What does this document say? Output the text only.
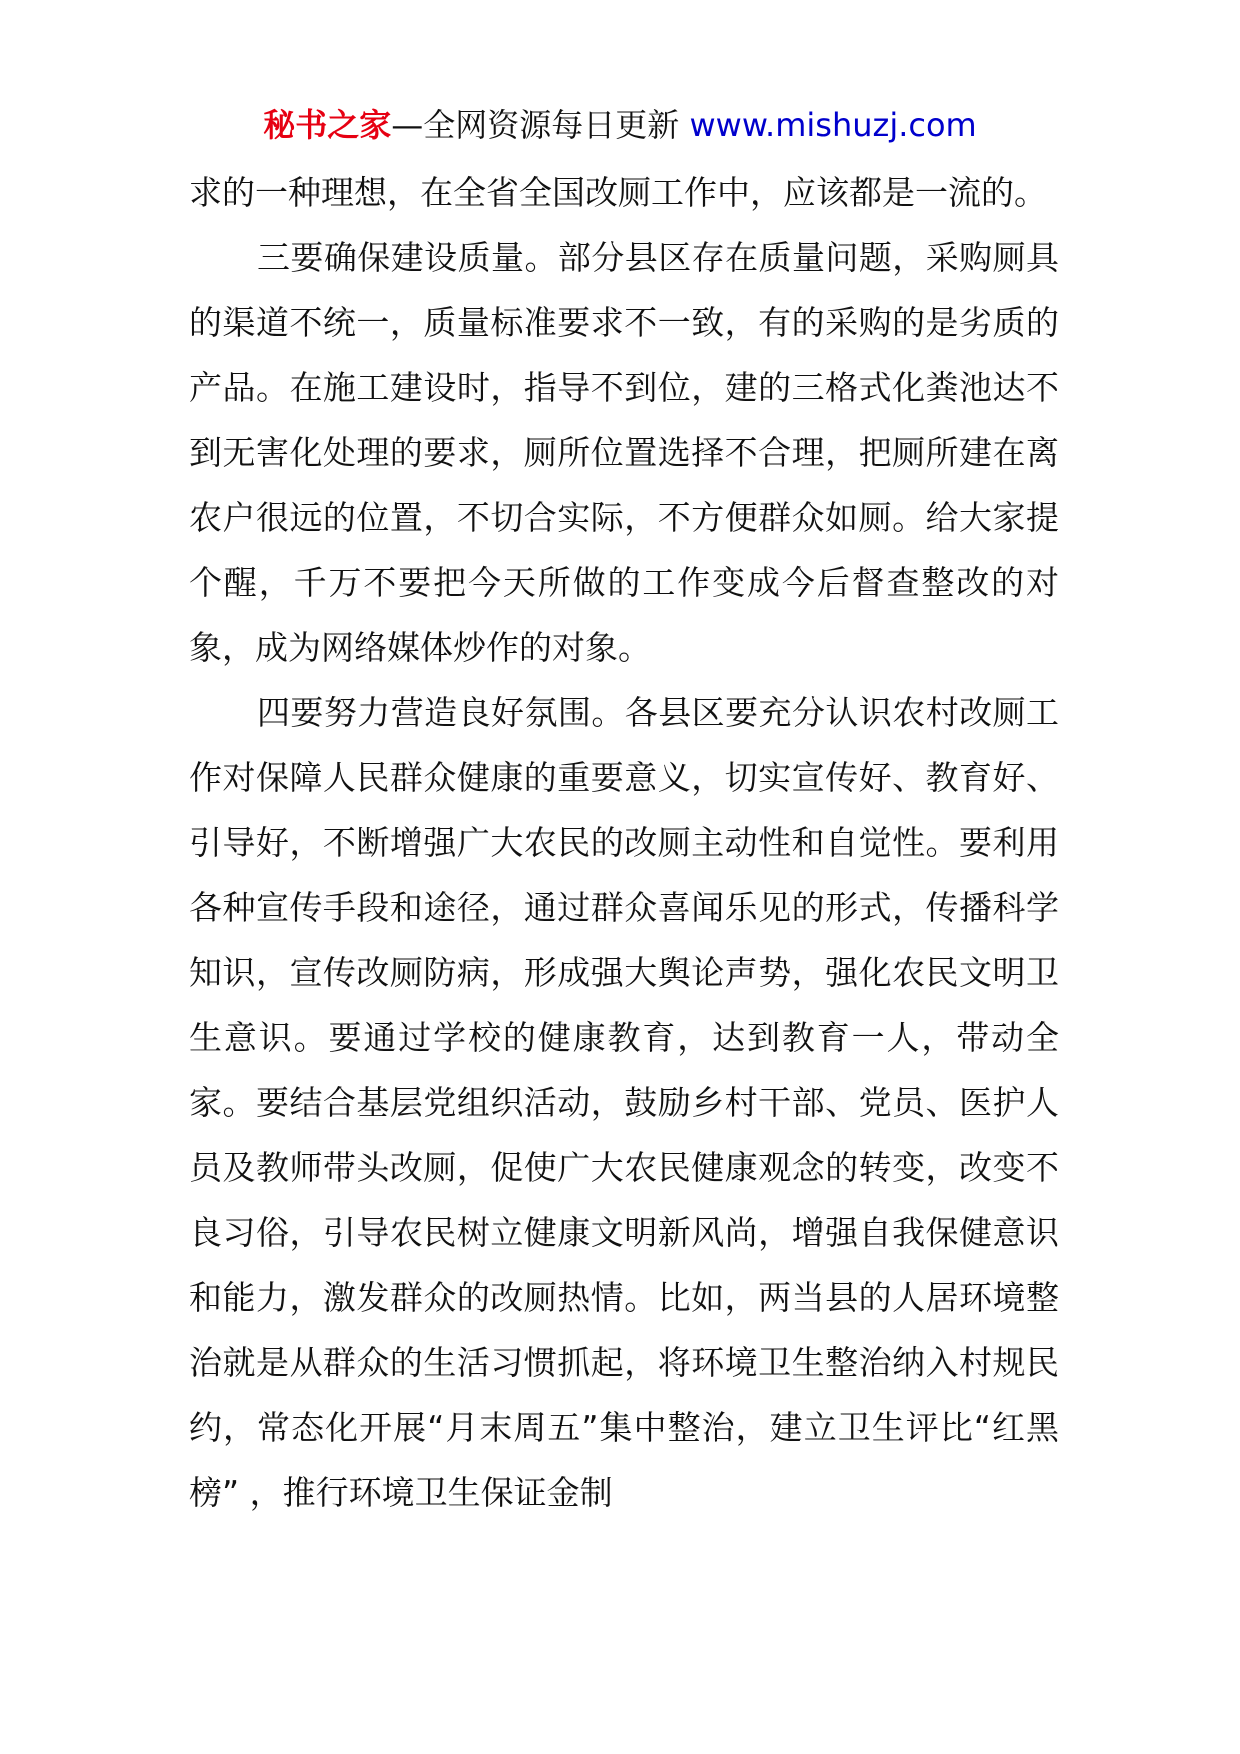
秘书之家—全网资源每日更新 www.mishuzj.com

求的一种理想，在全省全国改厕工作中，应该都是一流的。

三要确保建设质量。部分县区存在质量问题，采购厕具的渠道不统一，质量标准要求不一致，有的采购的是劣质的产品。在施工建设时，指导不到位，建的三格式化粪池达不到无害化处理的要求，厕所位置选择不合理，把厕所建在离农户很远的位置，不切合实际，不方便群众如厕。给大家提个醒，千万不要把今天所做的工作变成今后督查整改的对象，成为网络媒体炒作的对象。

四要努力营造良好氛围。各县区要充分认识农村改厕工作对保障人民群众健康的重要意义，切实宣传好、教育好、引导好，不断增强广大农民的改厕主动性和自觉性。要利用各种宣传手段和途径，通过群众喜闻乐见的形式，传播科学知识，宣传改厕防病，形成强大舆论声势，强化农民文明卫生意识。要通过学校的健康教育，达到教育一人，带动全家。要结合基层党组织活动，鼓励乡村干部、党员、医护人员及教师带头改厕，促使广大农民健康观念的转变，改变不良习俗，引导农民树立健康文明新风尚，增强自我保健意识和能力，激发群众的改厕热情。比如，两当县的人居环境整治就是从群众的生活习惯抓起，将环境卫生整治纳入村规民约，常态化开展“月末周五”集中整治，建立卫生评比“红黑榜” ，推行环境卫生保证金制
